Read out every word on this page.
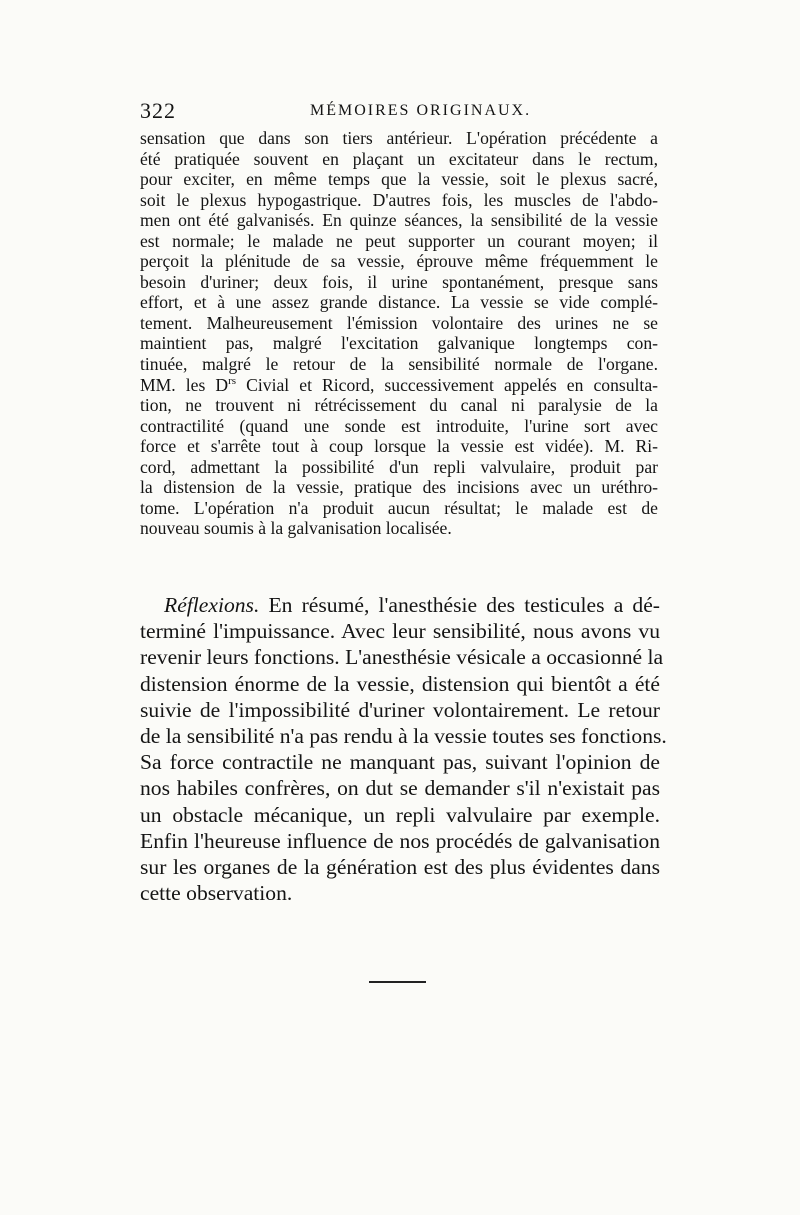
322	MÉMOIRES ORIGINAUX.

sensation que dans son tiers antérieur. L'opération précédente a
été pratiquée souvent en plaçant un excitateur dans le rectum,
pour exciter, en même temps que la vessie, soit le plexus sacré,
soit le plexus hypogastrique. D'autres fois, les muscles de l'abdo-
men ont été galvanisés. En quinze séances, la sensibilité de la vessie
est normale; le malade ne peut supporter un courant moyen; il
perçoit la plénitude de sa vessie, éprouve même fréquemment le
besoin d'uriner; deux fois, il urine spontanément, presque sans
effort, et à une assez grande distance. La vessie se vide complé-
tement. Malheureusement l'émission volontaire des urines ne se
maintient pas, malgré l'excitation galvanique longtemps con-
tinuée, malgré le retour de la sensibilité normale de l'organe.
MM. les $D^{rs}$ Civial et Ricord, successivement appelés en consulta-
tion, ne trouvent ni rétrécissement du canal ni paralysie de la
contractilité (quand une sonde est introduite, l'urine sort avec
force et s'arrête tout à coup lorsque la vessie est vidée). M. Ri-
cord, admettant la possibilité d'un repli valvulaire, produit par
la distension de la vessie, pratique des incisions avec un uréthro-
tome. L'opération n'a produit aucun résultat; le malade est de
nouveau soumis à la galvanisation localisée.

Réflexions. En résumé, l'anesthésie des testicules a dé-
terminé l'impuissance. Avec leur sensibilité, nous avons vu
revenir leurs fonctions. L'anesthésie vésicale a occasionné la
distension énorme de la vessie, distension qui bientôt a été
suivie de l'impossibilité d'uriner volontairement. Le retour
de la sensibilité n'a pas rendu à la vessie toutes ses fonctions.
Sa force contractile ne manquant pas, suivant l'opinion de
nos habiles confrères, on dut se demander s'il n'existait pas
un obstacle mécanique, un repli valvulaire par exemple.
Enfin l'heureuse influence de nos procédés de galvanisation
sur les organes de la génération est des plus évidentes dans
cette observation.
